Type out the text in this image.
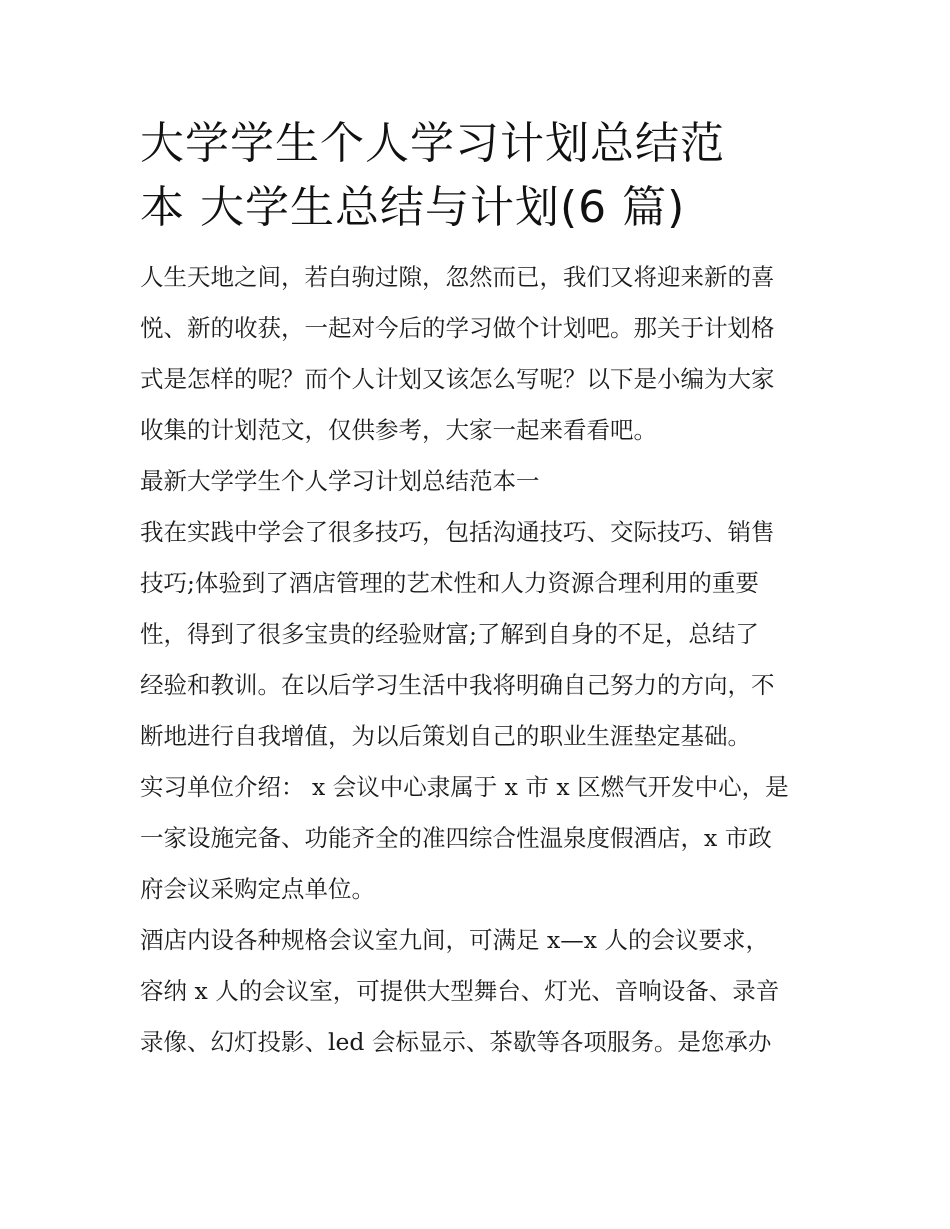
大学学生个人学习计划总结范
本 大学生总结与计划(6 篇)

人生天地之间，若白驹过隙，忽然而已，我们又将迎来新的喜
悦、新的收获，一起对今后的学习做个计划吧。那关于计划格
式是怎样的呢？而个人计划又该怎么写呢？以下是小编为大家
收集的计划范文，仅供参考，大家一起来看看吧。

最新大学学生个人学习计划总结范本一

我在实践中学会了很多技巧，包括沟通技巧、交际技巧、销售
技巧;体验到了酒店管理的艺术性和人力资源合理利用的重要
性，得到了很多宝贵的经验财富;了解到自身的不足，总结了
经验和教训。在以后学习生活中我将明确自己努力的方向，不
断地进行自我增值，为以后策划自己的职业生涯垫定基础。

实习单位介绍： x 会议中心隶属于 x 市 x 区燃气开发中心，是
一家设施完备、功能齐全的准四综合性温泉度假酒店，x 市政
府会议采购定点单位。

酒店内设各种规格会议室九间，可满足 x—x 人的会议要求，
容纳 x 人的会议室，可提供大型舞台、灯光、音响设备、录音
录像、幻灯投影、led 会标显示、茶歇等各项服务。是您承办
